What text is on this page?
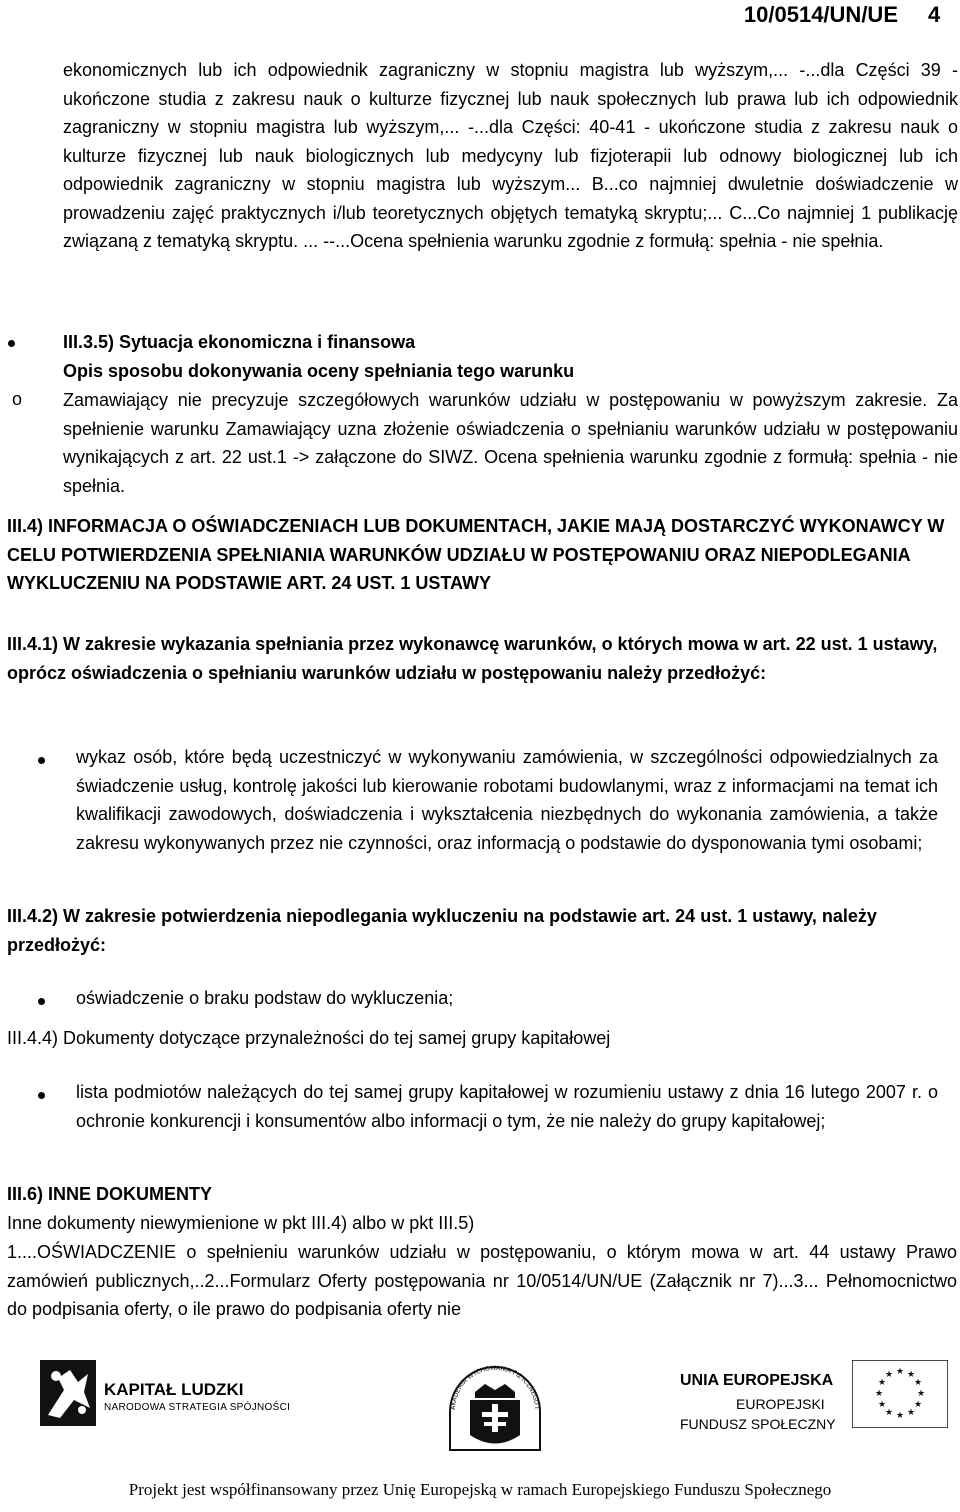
10/0514/UN/UE 4
ekonomicznych lub ich odpowiednik zagraniczny w stopniu magistra lub wyższym,... -...dla Części 39 - ukończone studia z zakresu nauk o kulturze fizycznej lub nauk społecznych lub prawa lub ich odpowiednik zagraniczny w stopniu magistra lub wyższym,... -...dla Części: 40-41 - ukończone studia z zakresu nauk o kulturze fizycznej lub nauk biologicznych lub medycyny lub fizjoterapii lub odnowy biologicznej lub ich odpowiednik zagraniczny w stopniu magistra lub wyższym... B...co najmniej dwuletnie doświadczenie w prowadzeniu zajęć praktycznych i/lub teoretycznych objętych tematyką skryptu;... C...Co najmniej 1 publikację związaną z tematyką skryptu. ... --...Ocena spełnienia warunku zgodnie z formułą: spełnia - nie spełnia.
III.3.5) Sytuacja ekonomiczna i finansowa
Opis sposobu dokonywania oceny spełniania tego warunku
o Zamawiający nie precyzuje szczegółowych warunków udziału w postępowaniu w powyższym zakresie. Za spełnienie warunku Zamawiający uzna złożenie oświadczenia o spełnianiu warunków udziału w postępowaniu wynikających z art. 22 ust.1 -> załączone do SIWZ. Ocena spełnienia warunku zgodnie z formułą: spełnia - nie spełnia.
III.4) INFORMACJA O OŚWIADCZENIACH LUB DOKUMENTACH, JAKIE MAJĄ DOSTARCZYĆ WYKONAWCY W CELU POTWIERDZENIA SPEŁNIANIA WARUNKÓW UDZIAŁU W POSTĘPOWANIU ORAZ NIEPODLEGANIA WYKLUCZENIU NA PODSTAWIE ART. 24 UST. 1 USTAWY
III.4.1) W zakresie wykazania spełniania przez wykonawcę warunków, o których mowa w art. 22 ust. 1 ustawy, oprócz oświadczenia o spełnianiu warunków udziału w postępowaniu należy przedłożyć:
wykaz osób, które będą uczestniczyć w wykonywaniu zamówienia, w szczególności odpowiedzialnych za świadczenie usług, kontrolę jakości lub kierowanie robotami budowlanymi, wraz z informacjami na temat ich kwalifikacji zawodowych, doświadczenia i wykształcenia niezbędnych do wykonania zamówienia, a także zakresu wykonywanych przez nie czynności, oraz informacją o podstawie do dysponowania tymi osobami;
III.4.2) W zakresie potwierdzenia niepodlegania wykluczeniu na podstawie art. 24 ust. 1 ustawy, należy przedłożyć:
oświadczenie o braku podstaw do wykluczenia;
III.4.4) Dokumenty dotyczące przynależności do tej samej grupy kapitałowej
lista podmiotów należących do tej samej grupy kapitałowej w rozumieniu ustawy z dnia 16 lutego 2007 r. o ochronie konkurencji i konsumentów albo informacji o tym, że nie należy do grupy kapitałowej;
III.6) INNE DOKUMENTY
Inne dokumenty niewymienione w pkt III.4) albo w pkt III.5)
1....OŚWIADCZENIE o spełnieniu warunków udziału w postępowaniu, o którym mowa w art. 44 ustawy Prawo zamówień publicznych,..2...Formularz Oferty postępowania nr 10/0514/UN/UE (Załącznik nr 7)...3... Pełnomocnictwo do podpisania oferty, o ile prawo do podpisania oferty nie
KAPITAŁ LUDZKI
NARODOWA STRATEGIA SPÓJNOŚCI	AKADEMIA WYCHOWANIA FIZYCZNEGO I
UNIA EUROPEJSKA
EUROPEJSKI
FUNDUSZ SPOŁECZNY
★ ★
★
★
★
★
★
★
★
★
★
★
Projekt jest współfinansowany przez Unię Europejską w ramach Europejskiego Funduszu Społecznego
